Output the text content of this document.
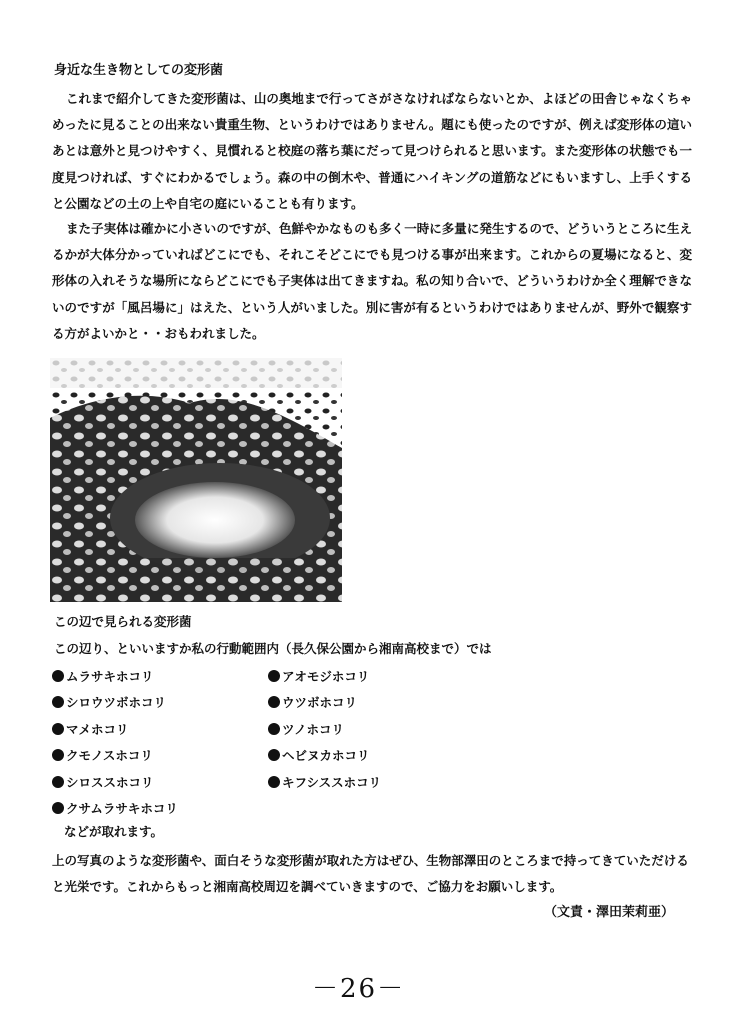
身近な生き物としての変形菌
これまで紹介してきた変形菌は、山の奥地まで行ってさがさなければならないとか、よほどの田舎じゃなくちゃめったに見ることの出来ない貴重生物、というわけではありません。題にも使ったのですが、例えば変形体の這いあとは意外と見つけやすく、見慣れると校庭の落ち葉にだって見つけられると思います。また変形体の状態でも一度見つければ、すぐにわかるでしょう。森の中の倒木や、普通にハイキングの道筋などにもいますし、上手くすると公園などの土の上や自宅の庭にいることも有ります。
また子実体は確かに小さいのですが、色鮮やかなものも多く一時に多量に発生するので、どういうところに生えるかが大体分かっていればどこにでも、それこそどこにでも見つける事が出来ます。これからの夏場になると、変形体の入れそうな場所にならどこにでも子実体は出てきますね。私の知り合いで、どういうわけか全く理解できないのですが「風呂場に」はえた、という人がいました。別に害が有るというわけではありませんが、野外で観察する方がよいかと・・おもわれました。
この辺で見られる変形菌
この辺り、といいますか私の行動範囲内（長久保公園から湘南高校まで）では
ムラサキホコリ
シロウツボホコリ
マメホコリ
クモノスホコリ
シロススホコリ
クサムラサキホコリ
アオモジホコリ
ウツボホコリ
ツノホコリ
ヘビヌカホコリ
キフシススホコリ
などが取れます。
上の写真のような変形菌や、面白そうな変形菌が取れた方はぜひ、生物部澤田のところまで持ってきていただけると光栄です。これからもっと湘南高校周辺を調べていきますので、ご協力をお願いします。
（文責・澤田茉莉亜）
－26－
